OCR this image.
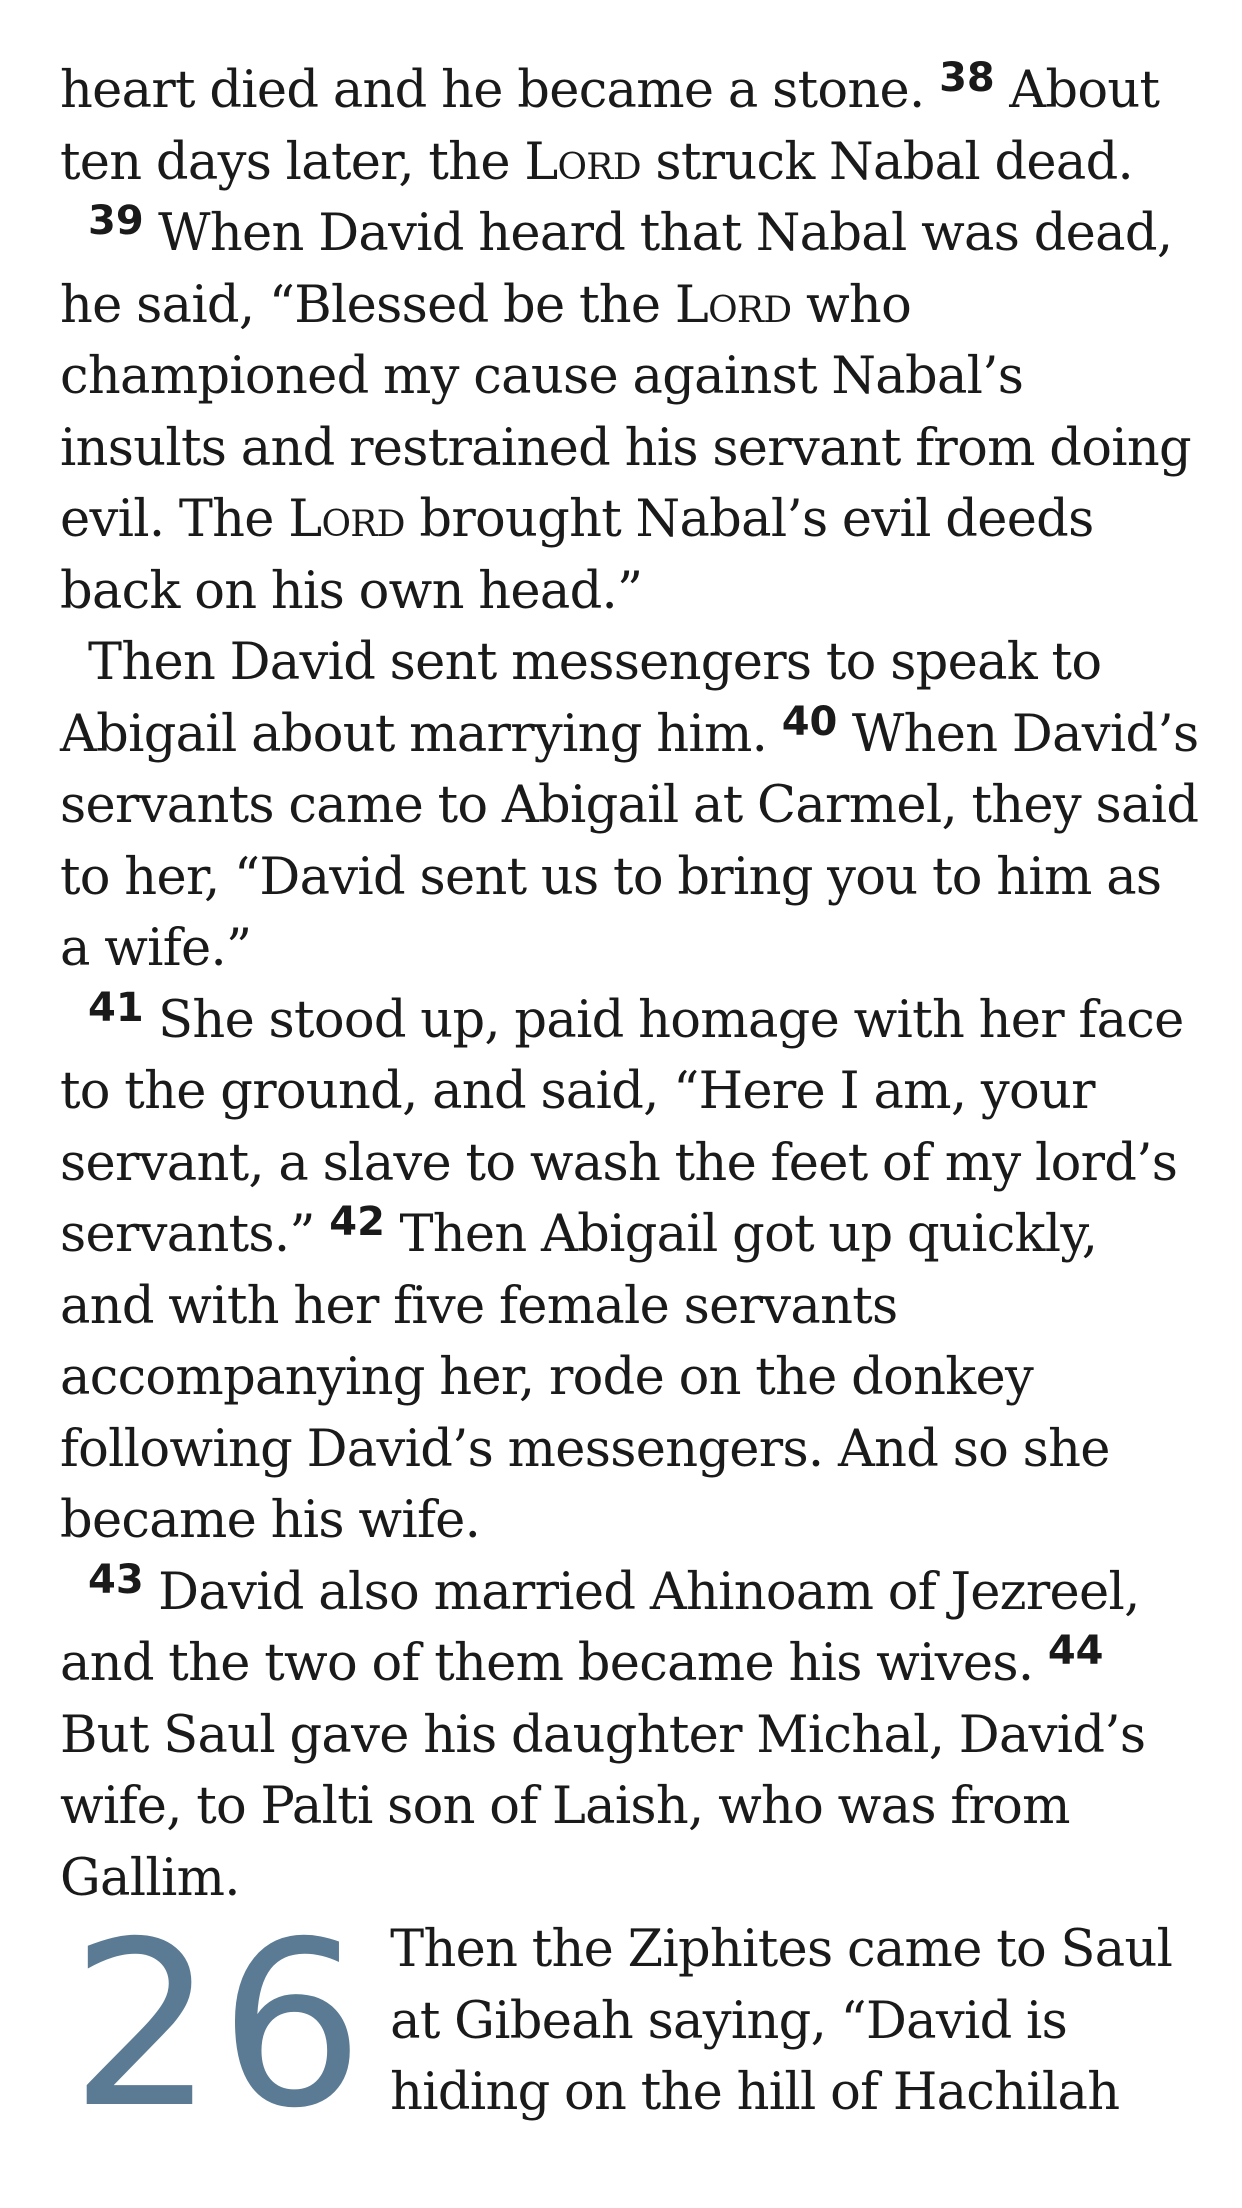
heart died and he became a stone. $^{38}$ About ten days later, the Lord struck Nabal dead.

$^{39}$ When David heard that Nabal was dead, he said, “Blessed be the Lord who championed my cause against Nabal’s insults and restrained his servant from doing evil. The Lord brought Nabal’s evil deeds back on his own head.”

Then David sent messengers to speak to Abigail about marrying him. $^{40}$ When David’s servants came to Abigail at Carmel, they said to her, “David sent us to bring you to him as a wife.”

$^{41}$ She stood up, paid homage with her face to the ground, and said, “Here I am, your servant, a slave to wash the feet of my lord’s servants.” $^{42}$ Then Abigail got up quickly, and with her five female servants accompanying her, rode on the donkey following David’s messengers. And so she became his wife.

$^{43}$ David also married Ahinoam of Jezreel, and the two of them became his wives. $^{44}$ But Saul gave his daughter Michal, David’s wife, to Palti son of Laish, who was from Gallim.

26 Then the Ziphites came to Saul at Gibeah saying, “David is hiding on the hill of Hachilah
